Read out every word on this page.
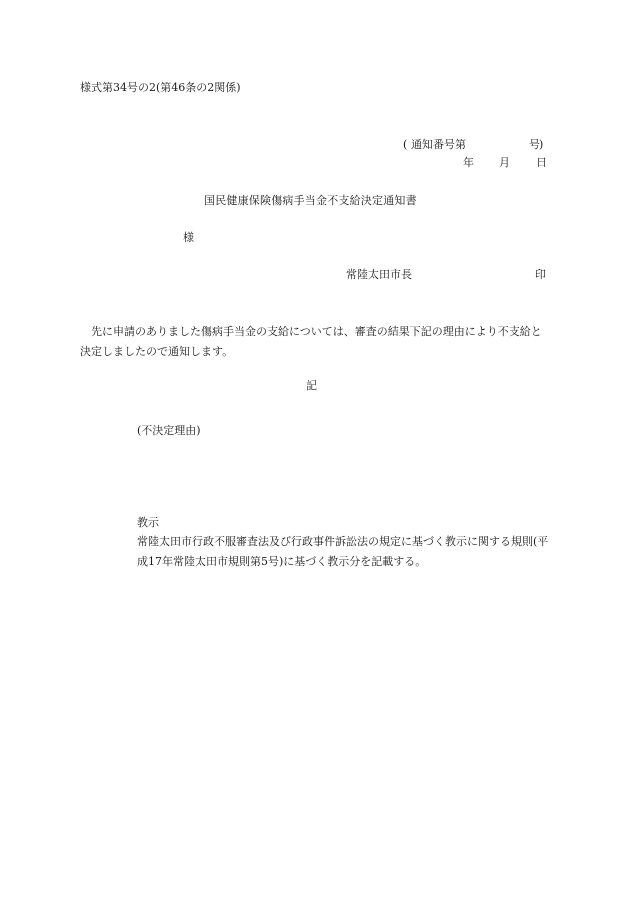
様式第34号の2(第46条の2関係)
( 通知番号第	号 )
年 月 日
国民健康保険傷病手当金不支給決定通知書
様
常陸太田市長	印

先に申請のありました傷病手当金の支給については、審査の結果下記の理由により不支給と決定しましたので通知します。

記
(不決定理由)
教示

常陸太田市行政不服審査法及び行政事件訴訟法の規定に基づく教示に関する規則(平成17年常陸太田市規則第5号)に基づく教示分を記載する。
